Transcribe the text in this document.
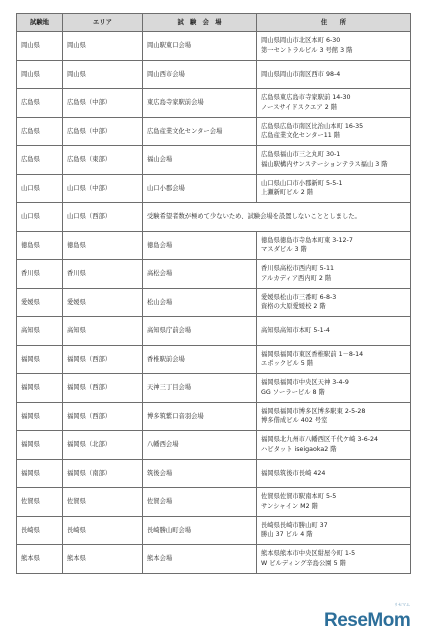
試験地	エリア	試　験　会　場	住　　所
岡山県	岡山県	岡山駅東口会場	岡山県岡山市北区本町 6-30
第一セントラルビル 3 号館 3 階

岡山県	岡山県	岡山西市会場	岡山県岡山市南区西市 98-4

広島県	広島県（中部）	東広島寺家駅前会場	広島県東広島市寺家駅前 14-30
ノースサイドスクエア 2 階

広島県	広島県（中部）	広島産業文化センター会場	広島県広島市南区比治山本町 16-35
広島産業文化センター11 階

広島県	広島県（東部）	福山会場	広島県福山市三之丸町 30-1
福山駅構内サンステーションテラス福山 3 階

山口県	山口県（中部）	山口小郡会場	山口県山口市小郡新町 5-5-1
上瀬新町ビル 2 階

山口県	山口県（西部）	受験希望者数が極めて少ないため、試験会場を設置しないこととしました。	
徳島県	徳島県	徳島会場	徳島県徳島市寺島本町東 3-12-7
マスダビル 3 階

香川県	香川県	高松会場	香川県高松市西内町 5-11
アルカディア西内町 2 階

愛媛県	愛媛県	松山会場	愛媛県松山市三番町 6-8-3
資格の大原愛媛校 2 階

高知県	高知県	高知県庁前会場	高知県高知市本町 5-1-4

福岡県	福岡県（西部）	香椎駅前会場	福岡県福岡市東区香椎駅前 1－8-14
エポックビル 5 階

福岡県	福岡県（西部）	天神三丁目会場	福岡県福岡市中央区天神 3-4-9
GG ソーラービル 8 階

福岡県	福岡県（西部）	博多筑紫口音羽会場	福岡県福岡市博多区博多駅東 2-5-28
博多偕成ビル 402 号室

福岡県	福岡県（北部）	八幡西会場	福岡県北九州市八幡西区千代ケ崎 3-6-24
ハピタット iseigaoka2 階

福岡県	福岡県（南部）	筑後会場	福岡県筑後市長崎 424

佐賀県	佐賀県	佐賀会場	佐賀県佐賀市駅南本町 5-5
サンシャイン M2 階

長崎県	長崎県	長崎勝山町会場	長崎県長崎市勝山町 37
勝山 37 ビル 4 階

熊本県	熊本県	熊本会場	熊本県熊本市中央区紺屋今町 1-5
W ビルディング辛島公園 5 階
リセマム
ReseMom
